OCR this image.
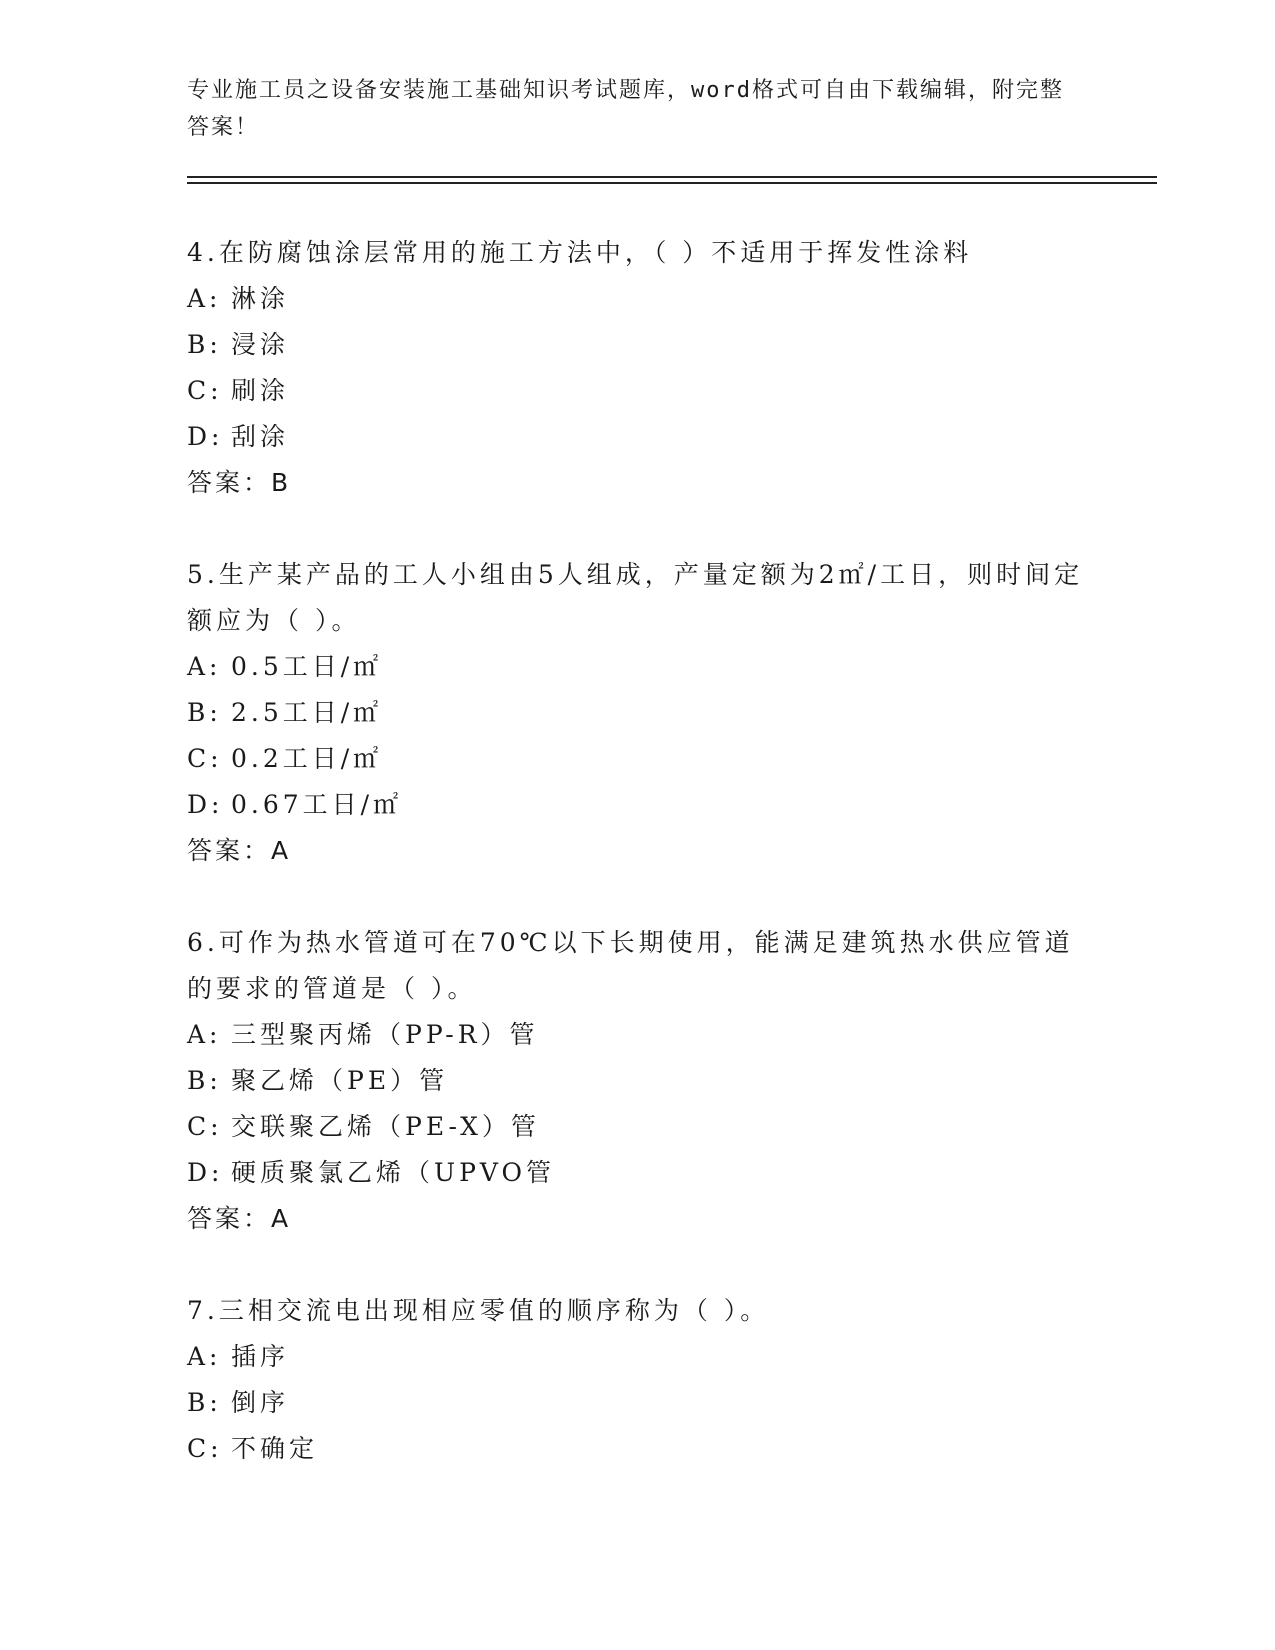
专业施工员之设备安装施工基础知识考试题库，word格式可自由下载编辑，附完整答案！

4.在防腐蚀涂层常用的施工方法中，（ ）不适用于挥发性涂料

A: 淋涂

B: 浸涂

C: 刷涂

D: 刮涂

答案：B

5.生产某产品的工人小组由5人组成，产量定额为2㎡/工日，则时间定额应为（ ）。

A: 0.5工日/㎡

B: 2.5工日/㎡

C: 0.2工日/㎡

D: 0.67工日/㎡

答案：A

6.可作为热水管道可在70℃以下长期使用，能满足建筑热水供应管道的要求的管道是（ ）。

A: 三型聚丙烯（PP-R）管

B: 聚乙烯（PE）管

C: 交联聚乙烯（PE-X）管

D: 硬质聚氯乙烯（UPVO管

答案：A

7.三相交流电出现相应零值的顺序称为（ ）。

A: 插序

B: 倒序

C: 不确定
